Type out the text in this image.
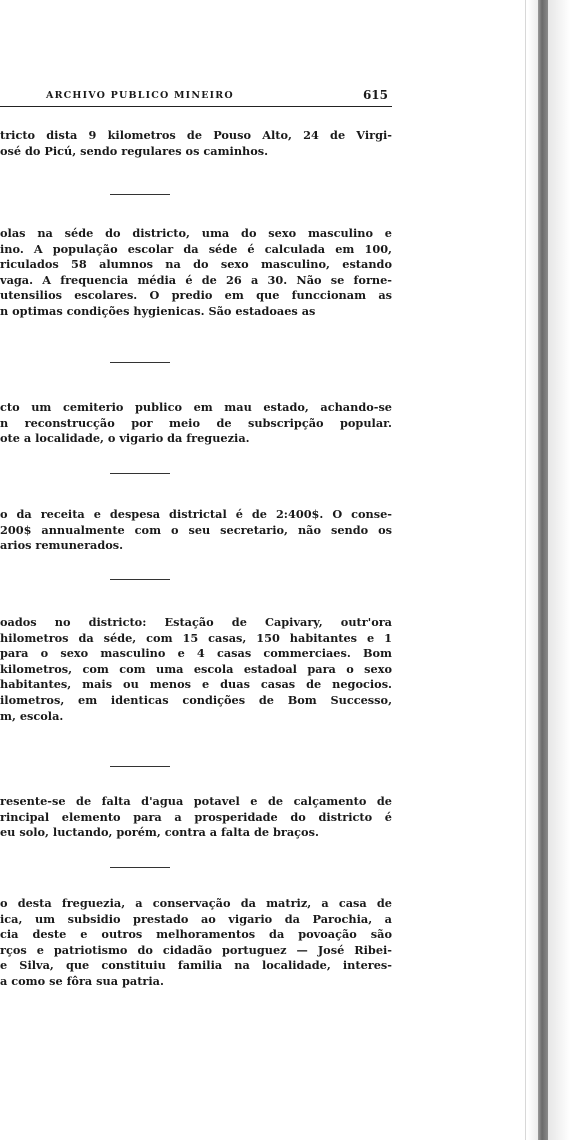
ARCHIVO PUBLICO MINEIRO	615

tricto dista 9 kilometros de Pouso Alto, 24 de Virgi-
osé do Picú, sendo regulares os caminhos.

olas na séde do districto, uma do sexo masculino e
ino. A população escolar da séde é calculada em 100,
riculados 58 alumnos na do sexo masculino, estando
vaga. A frequencia média é de 26 a 30. Não se forne-
utensilios escolares. O predio em que funccionam as
n optimas condições hygienicas. São estadoaes as

cto um cemiterio publico em mau estado, achando-se
n reconstrucção por meio de subscripção popular.
ote a localidade, o vigario da freguezia.

o da receita e despesa districtal é de 2:400$. O conse-
200$ annualmente com o seu secretario, não sendo os
arios remunerados.

oados no districto: Estação de Capivary, outr'ora
hilometros da séde, com 15 casas, 150 habitantes e 1
para o sexo masculino e 4 casas commerciaes. Bom
kilometros, com com uma escola estadoal para o sexo
habitantes, mais ou menos e duas casas de negocios.
ilometros, em identicas condições de Bom Successo,
m, escola.

resente-se de falta d'agua potavel e de calçamento de
rincipal elemento para a prosperidade do districto é
eu solo, luctando, porém, contra a falta de braços.

o desta freguezia, a conservação da matriz, a casa de
ica, um subsidio prestado ao vigario da Parochia, a
cia deste e outros melhoramentos da povoação são
rços e patriotismo do cidadão portuguez — José Ribei-
e Silva, que constituiu familia na localidade, interes-
a como se fôra sua patria.
